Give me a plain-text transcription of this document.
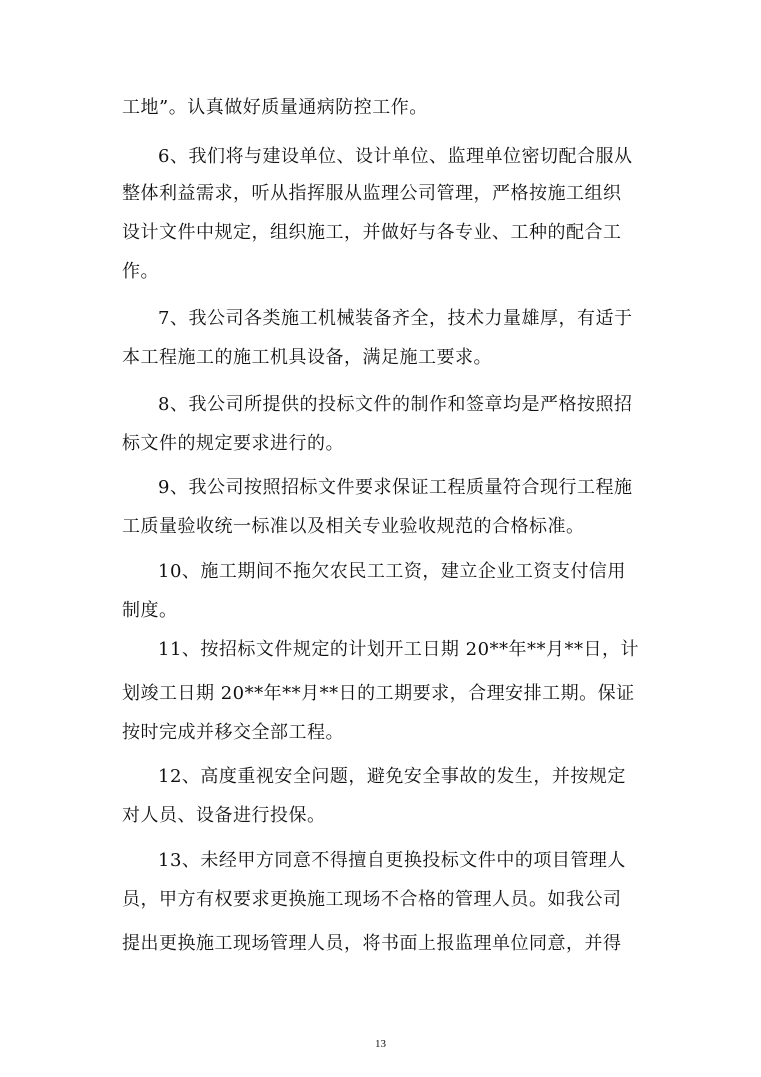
工地”。认真做好质量通病防控工作。
6、我们将与建设单位、设计单位、监理单位密切配合服从
整体利益需求，听从指挥服从监理公司管理，严格按施工组织
设计文件中规定，组织施工，并做好与各专业、工种的配合工
作。
7、我公司各类施工机械装备齐全，技术力量雄厚，有适于
本工程施工的施工机具设备，满足施工要求。
8、我公司所提供的投标文件的制作和签章均是严格按照招
标文件的规定要求进行的。
9、我公司按照招标文件要求保证工程质量符合现行工程施
工质量验收统一标准以及相关专业验收规范的合格标准。
10、施工期间不拖欠农民工工资，建立企业工资支付信用
制度。
11、按招标文件规定的计划开工日期 20**年**月**日，计
划竣工日期 20**年**月**日的工期要求，合理安排工期。保证
按时完成并移交全部工程。
12、高度重视安全问题，避免安全事故的发生，并按规定
对人员、设备进行投保。
13、未经甲方同意不得擅自更换投标文件中的项目管理人
员，甲方有权要求更换施工现场不合格的管理人员。如我公司
提出更换施工现场管理人员，将书面上报监理单位同意，并得
13
